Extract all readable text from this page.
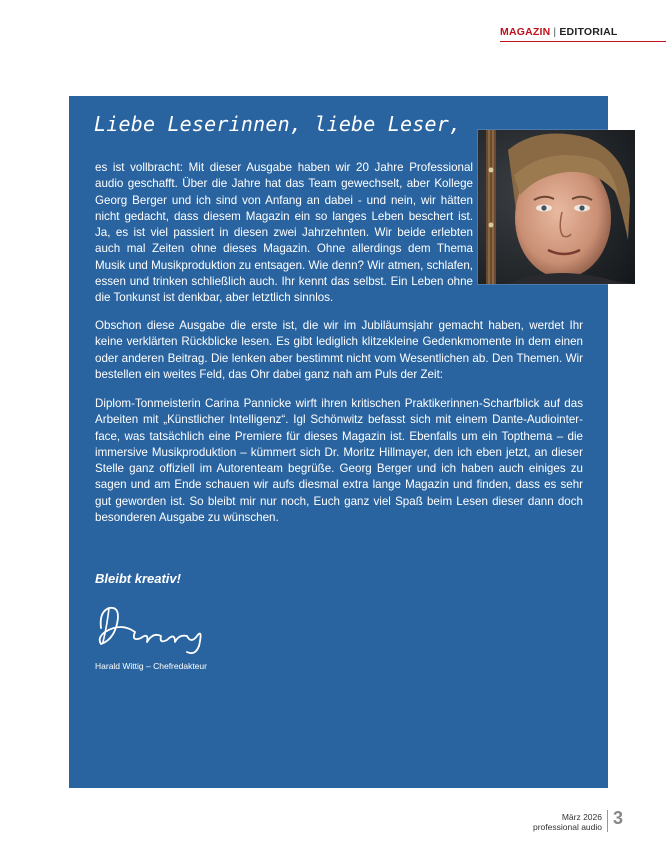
MAGAZIN | EDITORIAL
Liebe Leserinnen, liebe Leser,
es ist vollbracht: Mit dieser Ausgabe haben wir 20 Jahre Professional audio geschafft. Über die Jahre hat das Team gewechselt, aber Kollege Georg Berger und ich sind von Anfang an dabei - und nein, wir hätten nicht gedacht, dass diesem Magazin ein so langes Leben beschert ist. Ja, es ist viel passiert in diesen zwei Jahrzehnten. Wir beide erlebten auch mal Zeiten ohne dieses Magazin. Ohne allerdings dem Thema Musik und Musikproduktion zu entsagen. Wie denn? Wir atmen, schlafen, essen und trinken schließlich auch. Ihr kennt das selbst. Ein Leben ohne die Tonkunst ist denkbar, aber letztlich sinnlos.
Obschon diese Ausgabe die erste ist, die wir im Jubiläumsjahr gemacht haben, werdet Ihr keine verklärten Rückblicke lesen. Es gibt lediglich klitzekleine Gedenkmomente in dem einen oder anderen Beitrag. Die lenken aber bestimmt nicht vom Wesentlichen ab. Den Themen. Wir bestellen ein weites Feld, das Ohr dabei ganz nah am Puls der Zeit:
Diplom-Tonmeisterin Carina Pannicke wirft ihren kritischen Praktikerinnen-Scharfblick auf das Arbeiten mit „Künstlicher Intelligenz“. Igl Schönwitz befasst sich mit einem Dante-Audiointer-face, was tatsächlich eine Premiere für dieses Magazin ist. Ebenfalls um ein Topthema – die immersive Musikproduktion – kümmert sich Dr. Moritz Hillmayer, den ich eben jetzt, an dieser Stelle ganz offiziell im Autorenteam begrüße. Georg Berger und ich haben auch einiges zu sagen und am Ende schauen wir aufs diesmal extra lange Magazin und finden, dass es sehr gut geworden ist. So bleibt mir nur noch, Euch ganz viel Spaß beim Lesen dieser dann doch besonderen Ausgabe zu wünschen.
Bleibt kreativ!
Harald Wittig – Chefredakteur
März 2026
professional audio 3
